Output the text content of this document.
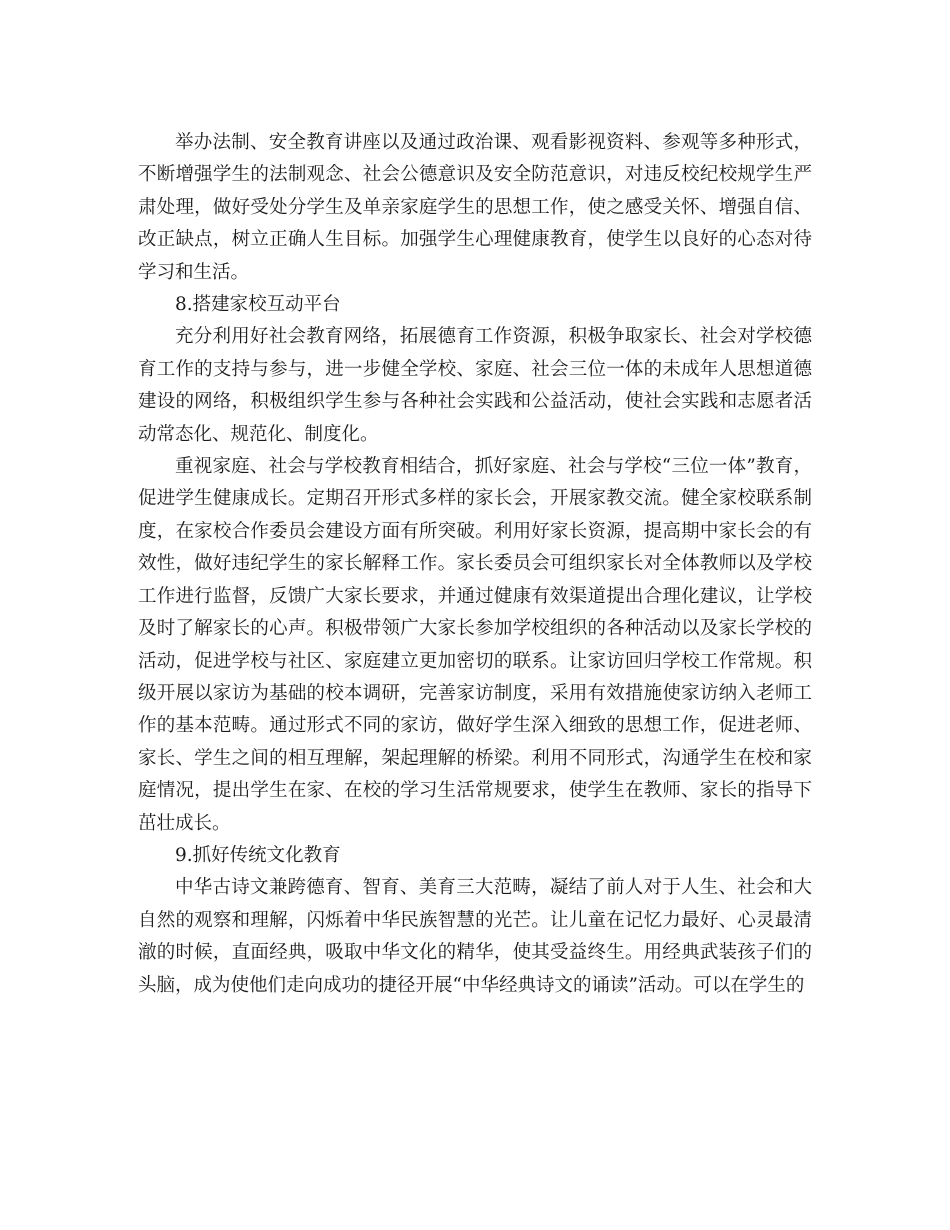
举办法制、安全教育讲座以及通过政治课、观看影视资料、参观等多种形式，不断增强学生的法制观念、社会公德意识及安全防范意识，对违反校纪校规学生严肃处理，做好受处分学生及单亲家庭学生的思想工作，使之感受关怀、增强自信、改正缺点，树立正确人生目标。加强学生心理健康教育，使学生以良好的心态对待学习和生活。

8.搭建家校互动平台

充分利用好社会教育网络，拓展德育工作资源，积极争取家长、社会对学校德育工作的支持与参与，进一步健全学校、家庭、社会三位一体的未成年人思想道德建设的网络，积极组织学生参与各种社会实践和公益活动，使社会实践和志愿者活动常态化、规范化、制度化。

重视家庭、社会与学校教育相结合，抓好家庭、社会与学校“三位一体”教育，促进学生健康成长。定期召开形式多样的家长会，开展家教交流。健全家校联系制度，在家校合作委员会建设方面有所突破。利用好家长资源，提高期中家长会的有效性，做好违纪学生的家长解释工作。家长委员会可组织家长对全体教师以及学校工作进行监督，反馈广大家长要求，并通过健康有效渠道提出合理化建议，让学校及时了解家长的心声。积极带领广大家长参加学校组织的各种活动以及家长学校的活动，促进学校与社区、家庭建立更加密切的联系。让家访回归学校工作常规。积级开展以家访为基础的校本调研，完善家访制度，采用有效措施使家访纳入老师工作的基本范畴。通过形式不同的家访，做好学生深入细致的思想工作，促进老师、家长、学生之间的相互理解，架起理解的桥梁。利用不同形式，沟通学生在校和家庭情况，提出学生在家、在校的学习生活常规要求，使学生在教师、家长的指导下茁壮成长。

9.抓好传统文化教育

中华古诗文兼跨德育、智育、美育三大范畴，凝结了前人对于人生、社会和大自然的观察和理解，闪烁着中华民族智慧的光芒。让儿童在记忆力最好、心灵最清澈的时候，直面经典，吸取中华文化的精华，使其受益终生。用经典武装孩子们的头脑，成为使他们走向成功的捷径开展“中华经典诗文的诵读”活动。可以在学生的
